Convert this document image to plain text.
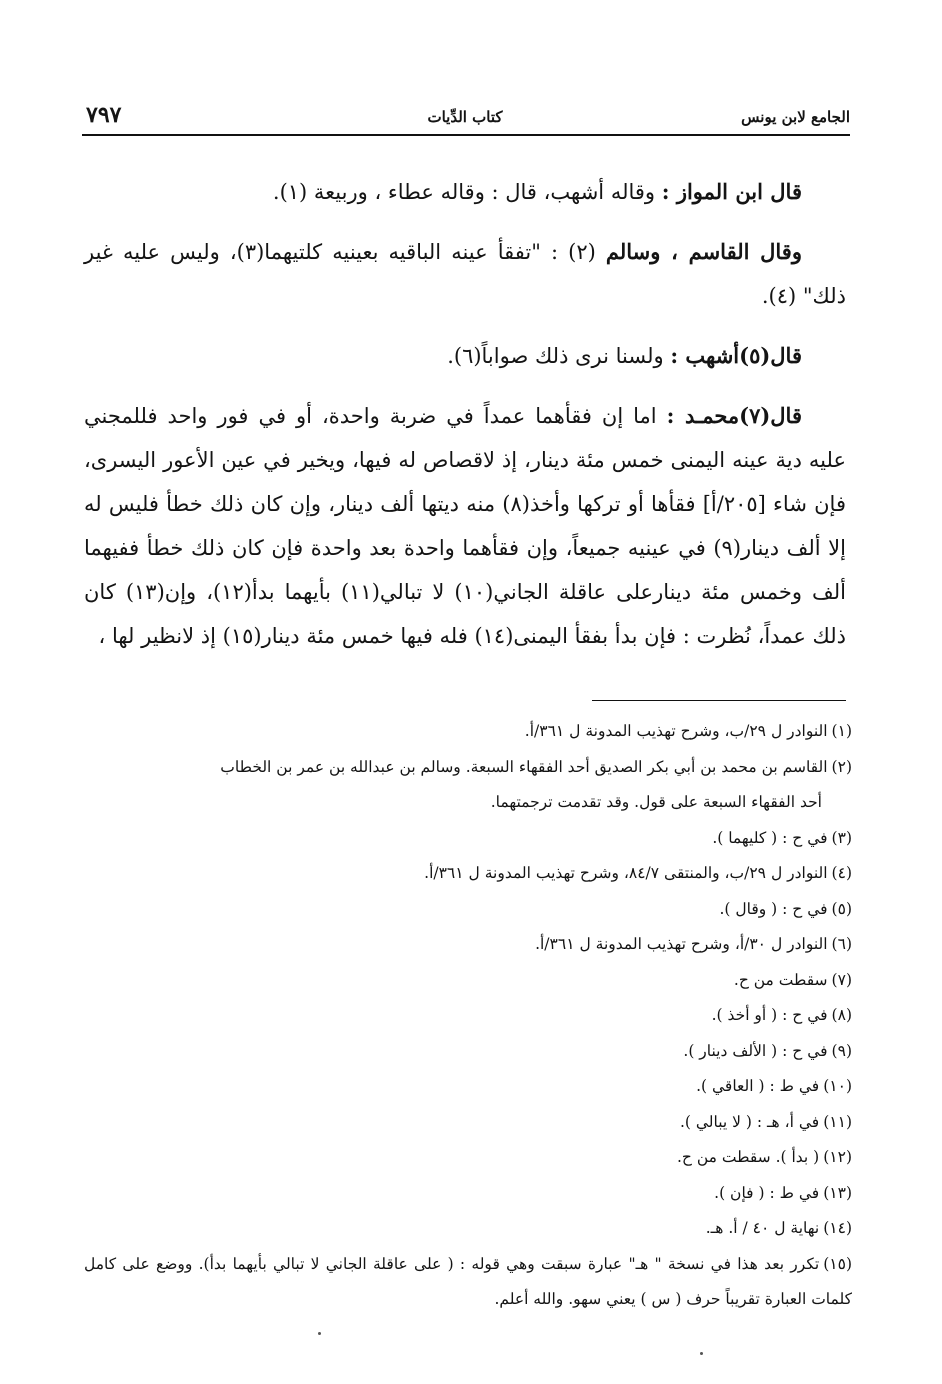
الجامع لابن يونس
كتاب الدِّيات
٧٩٧

قال ابن المواز : وقاله أشهب، قال : وقاله عطاء ، وربيعة (١).

وقال القاسم ، وسالم (٢) : "تفقأ عينه الباقيه بعينيه كلتيهما(٣)، وليس عليه غير ذلك" (٤).

قال(٥)أشهب : ولسنا نرى ذلك صواباً(٦).

قال(٧)محمـد : اما إن فقأهما عمداً في ضربة واحدة، أو في فور واحد فللمجني عليه دية عينه اليمنى خمس مئة دينار، إذ لاقصاص له فيها، ويخير في عين الأعور اليسرى، فإن شاء [٢٠٥/أ] فقأها أو تركها وأخذ(٨) منه ديتها ألف دينار، وإن كان ذلك خطأ فليس له إلا ألف دينار(٩) في عينيه جميعاً، وإن فقأهما واحدة بعد واحدة فإن كان ذلك خطأ ففيهما ألف وخمس مئة دينارعلى عاقلة الجاني(١٠) لا تبالي(١١) بأيهما بدأ(١٢)، وإن(١٣) كان ذلك عمداً، نُظرت : فإن بدأ بفقأ اليمنى(١٤) فله فيها خمس مئة دينار(١٥) إذ لانظير لها ،

(١)النوادر ل ٢٩/ب، وشرح تهذيب المدونة ل ٣٦١/أ.
(٢)القاسم بن محمد بن أبي بكر الصديق أحد الفقهاء السبعة. وسالم بن عبدالله بن عمر بن الخطاب
أحد الفقهاء السبعة على قول. وقد تقدمت ترجمتهما.
(٣)في ح : ( كليهما ).
(٤)النوادر ل ٢٩/ب، والمنتقى ٨٤/٧، وشرح تهذيب المدونة ل ٣٦١/أ.
(٥)في ح : ( وقال ).
(٦)النوادر ل ٣٠/أ، وشرح تهذيب المدونة ل ٣٦١/أ.
(٧)سقطت من ح.
(٨)في ح : ( أو أخذ ).
(٩)في ح : ( الألف دينار ).
(١٠)في ط : ( العاقي ).
(١١)في أ، هـ : ( لا يبالي ).
(١٢)( بدأ ). سقطت من ح.
(١٣)في ط : ( فإن ).
(١٤)نهاية ل ٤٠ / أ. هـ.
(١٥)تكرر بعد هذا في نسخة " هـ" عبارة سبقت وهي قوله : ( على عاقلة الجاني لا تبالي بأيهما بدأ). ووضع على كامل كلمات العبارة تقريباً حرف ( س ) يعني سهو. والله أعلم.
